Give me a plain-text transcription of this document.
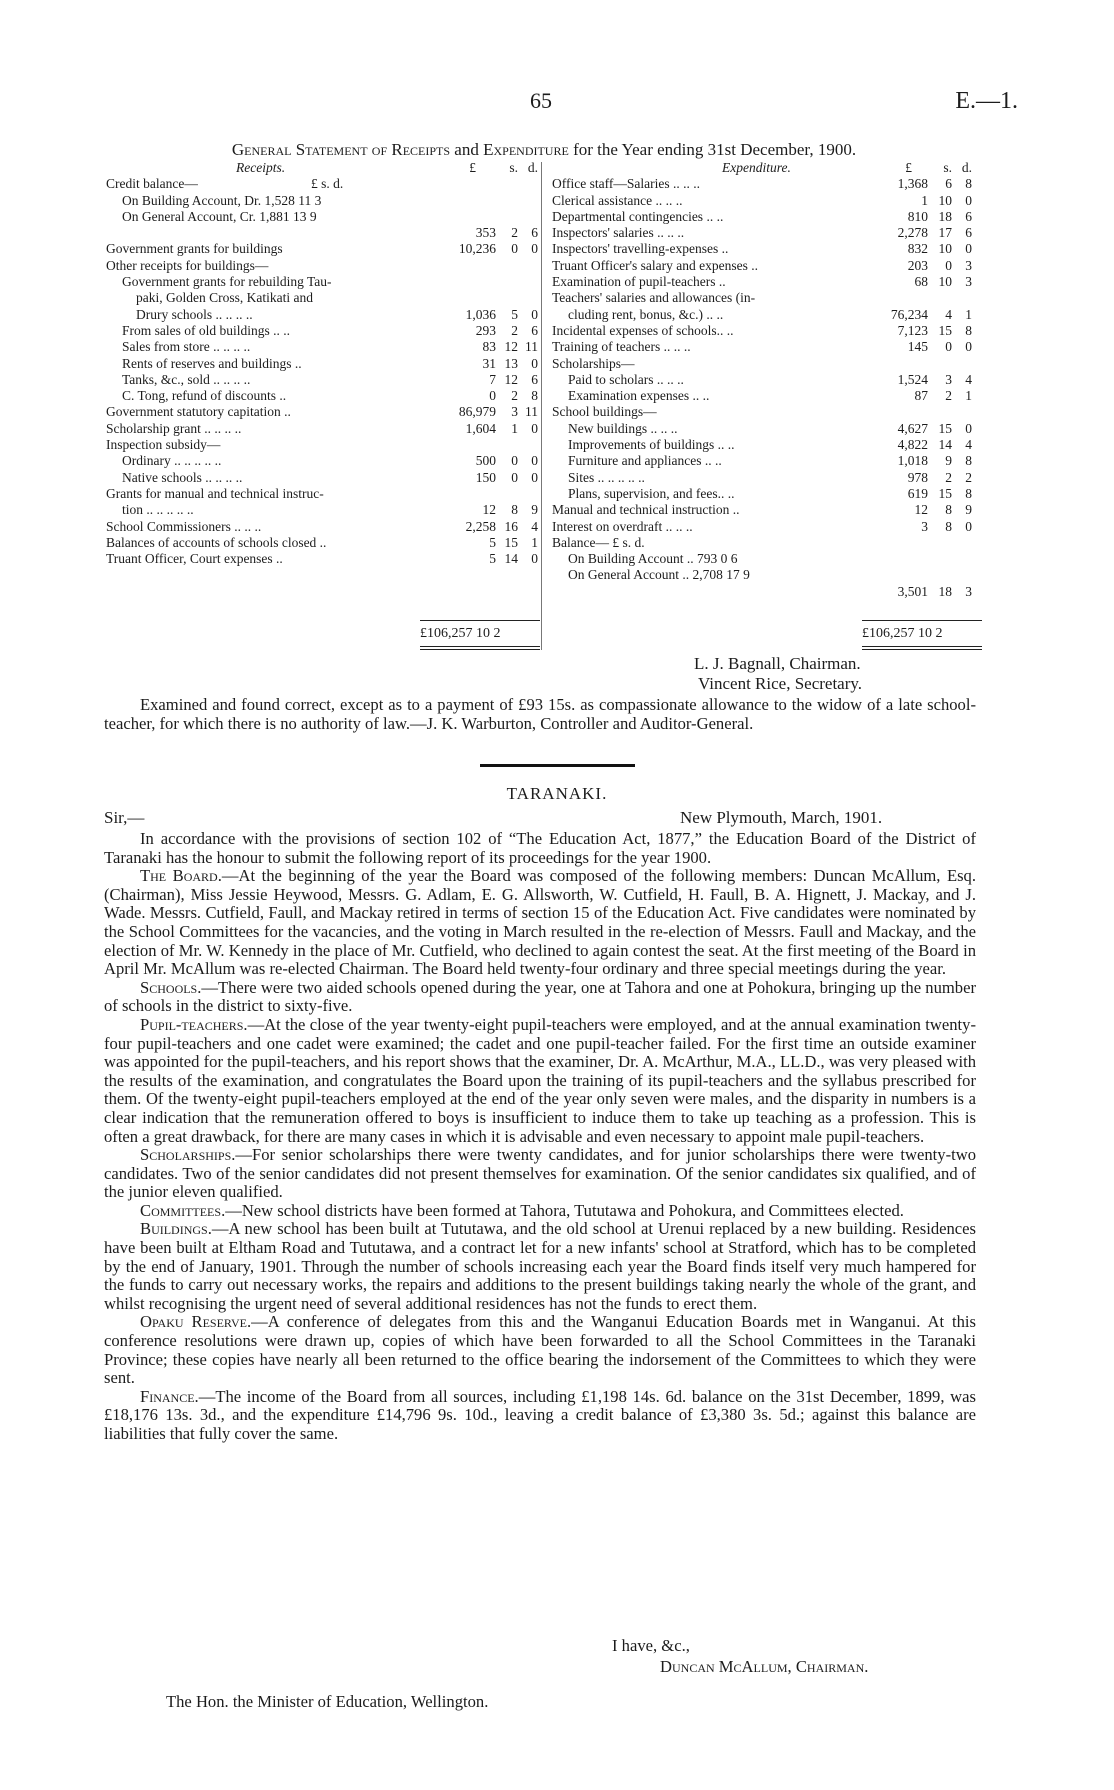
65	E.—1.
General Statement of Receipts and Expenditure for the Year ending 31st December, 1900.
Receipts.	£	s. d.
Credit balance—	£ s. d.
On Building Account, Dr. 1,528 11 3
On General Account, Cr. 1,881 13 9
353	2 6
Government grants for buildings	10,236	0 0
Other receipts for buildings—
Government grants for rebuilding Tau-
paki, Golden Cross, Katikati and
Drury schools .. .. .. ..	1,036	5 0
From sales of old buildings .. ..	293	2 6
Sales from store .. .. .. ..	83 12 11
Rents of reserves and buildings ..	31 13 0
Tanks, &c., sold .. .. .. ..	7 12 6
C. Tong, refund of discounts ..	0	2 8
Government statutory capitation ..	86,979	3 11
Scholarship grant .. .. .. ..	1,604	1 0
Inspection subsidy—
Ordinary .. .. .. .. ..	500	0 0
Native schools .. .. .. ..	150	0 0
Grants for manual and technical instruc-
tion .. .. .. .. ..	12	8 9
School Commissioners .. .. ..	2,258 16 4
Balances of accounts of schools closed ..	5 15 1
Truant Officer, Court expenses ..	5 14 0
Expenditure.	£	s. d.
Office staff—Salaries .. .. ..	1,368	6 8
Clerical assistance .. .. ..	1 10 0
Departmental contingencies .. ..	810 18 6
Inspectors' salaries .. .. ..	2,278 17 6
Inspectors' travelling-expenses ..	832 10 0
Truant Officer's salary and expenses ..	203	0 3
Examination of pupil-teachers ..	68 10 3
Teachers' salaries and allowances (in-
cluding rent, bonus, &c.) .. ..	76,234	4 1
Incidental expenses of schools.. ..	7,123 15 8
Training of teachers .. .. ..	145	0 0
Scholarships—
Paid to scholars .. .. ..	1,524	3 4
Examination expenses .. ..	87	2 1
School buildings—
New buildings .. .. ..	4,627 15 0
Improvements of buildings .. ..	4,822 14 4
Furniture and appliances .. ..	1,018	9 8
Sites .. .. .. .. ..	978	2 2
Plans, supervision, and fees.. ..	619 15 8
Manual and technical instruction ..	12	8 9
Interest on overdraft .. .. ..	3	8 0
Balance— £ s. d.
On Building Account .. 793 0 6
On General Account .. 2,708 17 9
3,501 18 3
£106,257 10 2	£106,257 10 2
L. J. Bagnall, Chairman.
Vincent Rice, Secretary.

Examined and found correct, except as to a payment of £93 15s. as compassionate allowance to the widow of a late school-teacher, for which there is no authority of law.—J. K. Warburton, Controller and Auditor-General.

TARANAKI.
Sir,—	New Plymouth, March, 1901.

In accordance with the provisions of section 102 of “The Education Act, 1877,” the Education Board of the District of Taranaki has the honour to submit the following report of its proceedings for the year 1900.

The Board.—At the beginning of the year the Board was composed of the following members: Duncan McAllum, Esq. (Chairman), Miss Jessie Heywood, Messrs. G. Adlam, E. G. Allsworth, W. Cutfield, H. Faull, B. A. Hignett, J. Mackay, and J. Wade. Messrs. Cutfield, Faull, and Mackay retired in terms of section 15 of the Education Act. Five candidates were nominated by the School Committees for the vacancies, and the voting in March resulted in the re-election of Messrs. Faull and Mackay, and the election of Mr. W. Kennedy in the place of Mr. Cutfield, who declined to again contest the seat. At the first meeting of the Board in April Mr. McAllum was re-elected Chairman. The Board held twenty-four ordinary and three special meetings during the year.

Schools.—There were two aided schools opened during the year, one at Tahora and one at Pohokura, bringing up the number of schools in the district to sixty-five.

Pupil-teachers.—At the close of the year twenty-eight pupil-teachers were employed, and at the annual examination twenty-four pupil-teachers and one cadet were examined; the cadet and one pupil-teacher failed. For the first time an outside examiner was appointed for the pupil-teachers, and his report shows that the examiner, Dr. A. McArthur, M.A., LL.D., was very pleased with the results of the examination, and congratulates the Board upon the training of its pupil-teachers and the syllabus prescribed for them. Of the twenty-eight pupil-teachers employed at the end of the year only seven were males, and the disparity in numbers is a clear indication that the remuneration offered to boys is insufficient to induce them to take up teaching as a profession. This is often a great drawback, for there are many cases in which it is advisable and even necessary to appoint male pupil-teachers.

Scholarships.—For senior scholarships there were twenty candidates, and for junior scholarships there were twenty-two candidates. Two of the senior candidates did not present themselves for examination. Of the senior candidates six qualified, and of the junior eleven qualified.

Committees.—New school districts have been formed at Tahora, Tututawa and Pohokura, and Committees elected.

Buildings.—A new school has been built at Tututawa, and the old school at Urenui replaced by a new building. Residences have been built at Eltham Road and Tututawa, and a contract let for a new infants' school at Stratford, which has to be completed by the end of January, 1901. Through the number of schools increasing each year the Board finds itself very much hampered for the funds to carry out necessary works, the repairs and additions to the present buildings taking nearly the whole of the grant, and whilst recognising the urgent need of several additional residences has not the funds to erect them.

Opaku Reserve.—A conference of delegates from this and the Wanganui Education Boards met in Wanganui. At this conference resolutions were drawn up, copies of which have been forwarded to all the School Committees in the Taranaki Province; these copies have nearly all been returned to the office bearing the indorsement of the Committees to which they were sent.

Finance.—The income of the Board from all sources, including £1,198 14s. 6d. balance on the 31st December, 1899, was £18,176 13s. 3d., and the expenditure £14,796 9s. 10d., leaving a credit balance of £3,380 3s. 5d.; against this balance are liabilities that fully cover the same.

I have, &c.,
Duncan McAllum, Chairman.
The Hon. the Minister of Education, Wellington.
